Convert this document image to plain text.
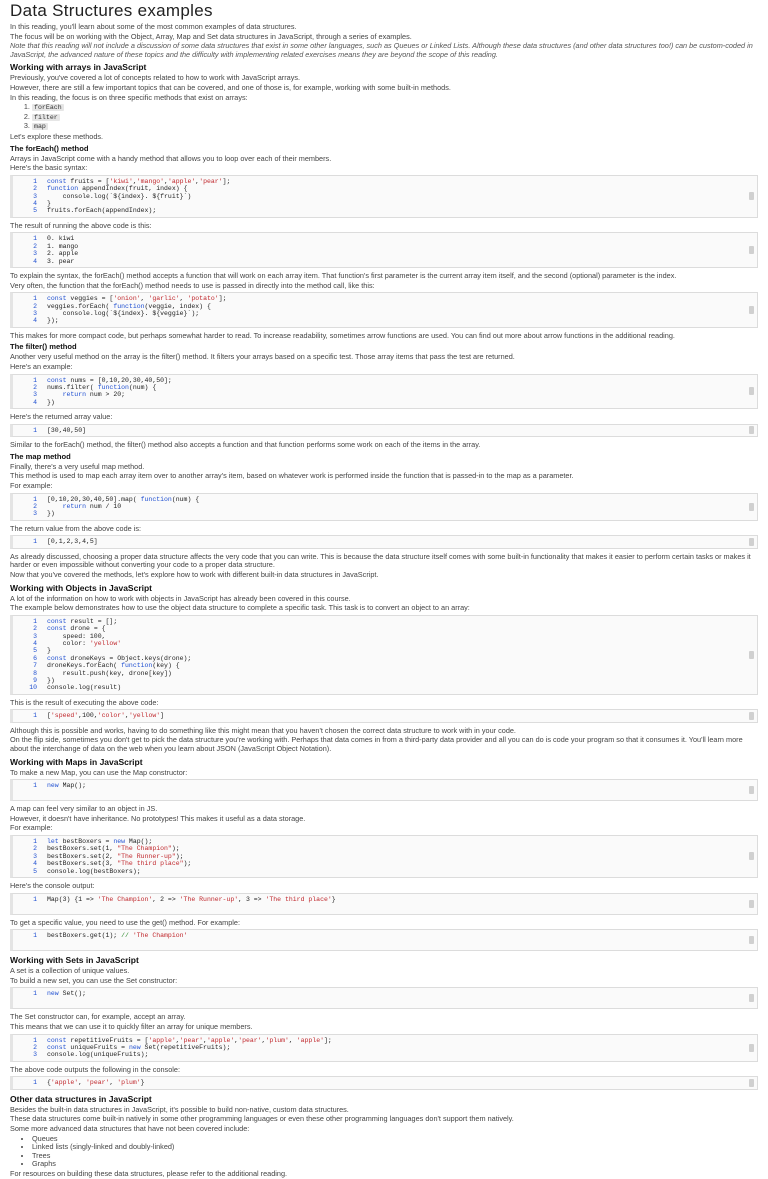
Data Structures examples

In this reading, you'll learn about some of the most common examples of data structures.

The focus will be on working with the Object, Array, Map and Set data structures in JavaScript, through a series of examples.

Note that this reading will not include a discussion of some data structures that exist in some other languages, such as Queues or Linked Lists. Although these data structures (and other data structures too!) can be custom-coded in JavaScript, the advanced nature of these topics and the difficulty with implementing related exercises means they are beyond the scope of this reading.

Working with arrays in JavaScript

Previously, you've covered a lot of concepts related to how to work with JavaScript arrays.

However, there are still a few important topics that can be covered, and one of those is, for example, working with some built-in methods.

In this reading, the focus is on three specific methods that exist on arrays:

1. forEach
2. filter
3. map

Let's explore these methods.

The forEach() method

Arrays in JavaScript come with a handy method that allows you to loop over each of their members.

Here's the basic syntax:

1 const fruits = ['kiwi','mango','apple','pear'];
2 function appendIndex(fruit, index) {
3    console.log(`${index}. ${fruit}`)
4 }
5 fruits.forEach(appendIndex);

The result of running the above code is this:

1 0. kiwi
2 1. mango
3 2. apple
4 3. pear

To explain the syntax, the forEach() method accepts a function that will work on each array item. That function's first parameter is the current array item itself, and the second (optional) parameter is the index.

Very often, the function that the forEach() method needs to use is passed in directly into the method call, like this:

1 const veggies = ['onion', 'garlic', 'potato'];
2 veggies.forEach( function(veggie, index) {
3    console.log(`${index}. ${veggie}`);
4 });

This makes for more compact code, but perhaps somewhat harder to read. To increase readability, sometimes arrow functions are used. You can find out more about arrow functions in the additional reading.

The filter() method

Another very useful method on the array is the filter() method. It filters your arrays based on a specific test. Those array items that pass the test are returned.

Here's an example:

1 const nums = [0,10,20,30,40,50];
2 nums.filter( function(num) {
3	return num > 20;
4 })

Here's the returned array value:

1 [30,40,50]

Similar to the forEach() method, the filter() method also accepts a function and that function performs some work on each of the items in the array.

The map method

Finally, there's a very useful map method.

This method is used to map each array item over to another array's item, based on whatever work is performed inside the function that is passed-in to the map as a parameter.

For example:

1 [0,10,20,30,40,50].map( function(num) {
2	return num / 10
3 })

The return value from the above code is:

1 [0,1,2,3,4,5]

As already discussed, choosing a proper data structure affects the very code that you can write. This is because the data structure itself comes with some built-in functionality that makes it easier to perform certain tasks or makes it harder or even impossible without converting your code to a proper data structure.

Now that you've covered the methods, let's explore how to work with different built-in data structures in JavaScript.

Working with Objects in JavaScript

A lot of the information on how to work with objects in JavaScript has already been covered in this course.

The example below demonstrates how to use the object data structure to complete a specific task. This task is to convert an object to an array:

1 const result = [];
2 const drone = {
3    speed: 100,
4    color: 'yellow'
5 }
6 const droneKeys = Object.keys(drone);
7 droneKeys.forEach( function(key) {
8    result.push(key, drone[key])
9 })
10 console.log(result)

This is the result of executing the above code:

1 ['speed',100,'color','yellow']

Although this is possible and works, having to do something like this might mean that you haven't chosen the correct data structure to work with in your code.

On the flip side, sometimes you don't get to pick the data structure you're working with. Perhaps that data comes in from a third-party data provider and all you can do is code your program so that it consumes it. You'll learn more about the interchange of data on the web when you learn about JSON (JavaScript Object Notation).

Working with Maps in JavaScript

To make a new Map, you can use the Map constructor:

1 new Map();

A map can feel very similar to an object in JS.

However, it doesn't have inheritance. No prototypes! This makes it useful as a data storage.

For example:

1 let bestBoxers = new Map();
2 bestBoxers.set(1, "The Champion");
3 bestBoxers.set(2, "The Runner-up");
4 bestBoxers.set(3, "The third place");
5 console.log(bestBoxers);

Here's the console output:

1 Map(3) {1 => 'The Champion', 2 => 'The Runner-up', 3 => 'The third place'}

To get a specific value, you need to use the get() method. For example:

1 bestBoxers.get(1); // 'The Champion'
Working with Sets in JavaScript

A set is a collection of unique values.

To build a new set, you can use the Set constructor:

1 new Set();

The Set constructor can, for example, accept an array.

This means that we can use it to quickly filter an array for unique members.

1 const repetitiveFruits = ['apple','pear','apple','pear','plum', 'apple'];
2 const uniqueFruits = new Set(repetitiveFruits);
3 console.log(uniqueFruits);

The above code outputs the following in the console:

1 {'apple', 'pear', 'plum'}
Other data structures in JavaScript

Besides the built-in data structures in JavaScript, it's possible to build non-native, custom data structures.

These data structures come built-in natively in some other programming languages or even these other programming languages don't support them natively.

Some more advanced data structures that have not been covered include:

• Queues
• Linked lists (singly-linked and doubly-linked)
• Trees
• Graphs

For resources on building these data structures, please refer to the additional reading.
